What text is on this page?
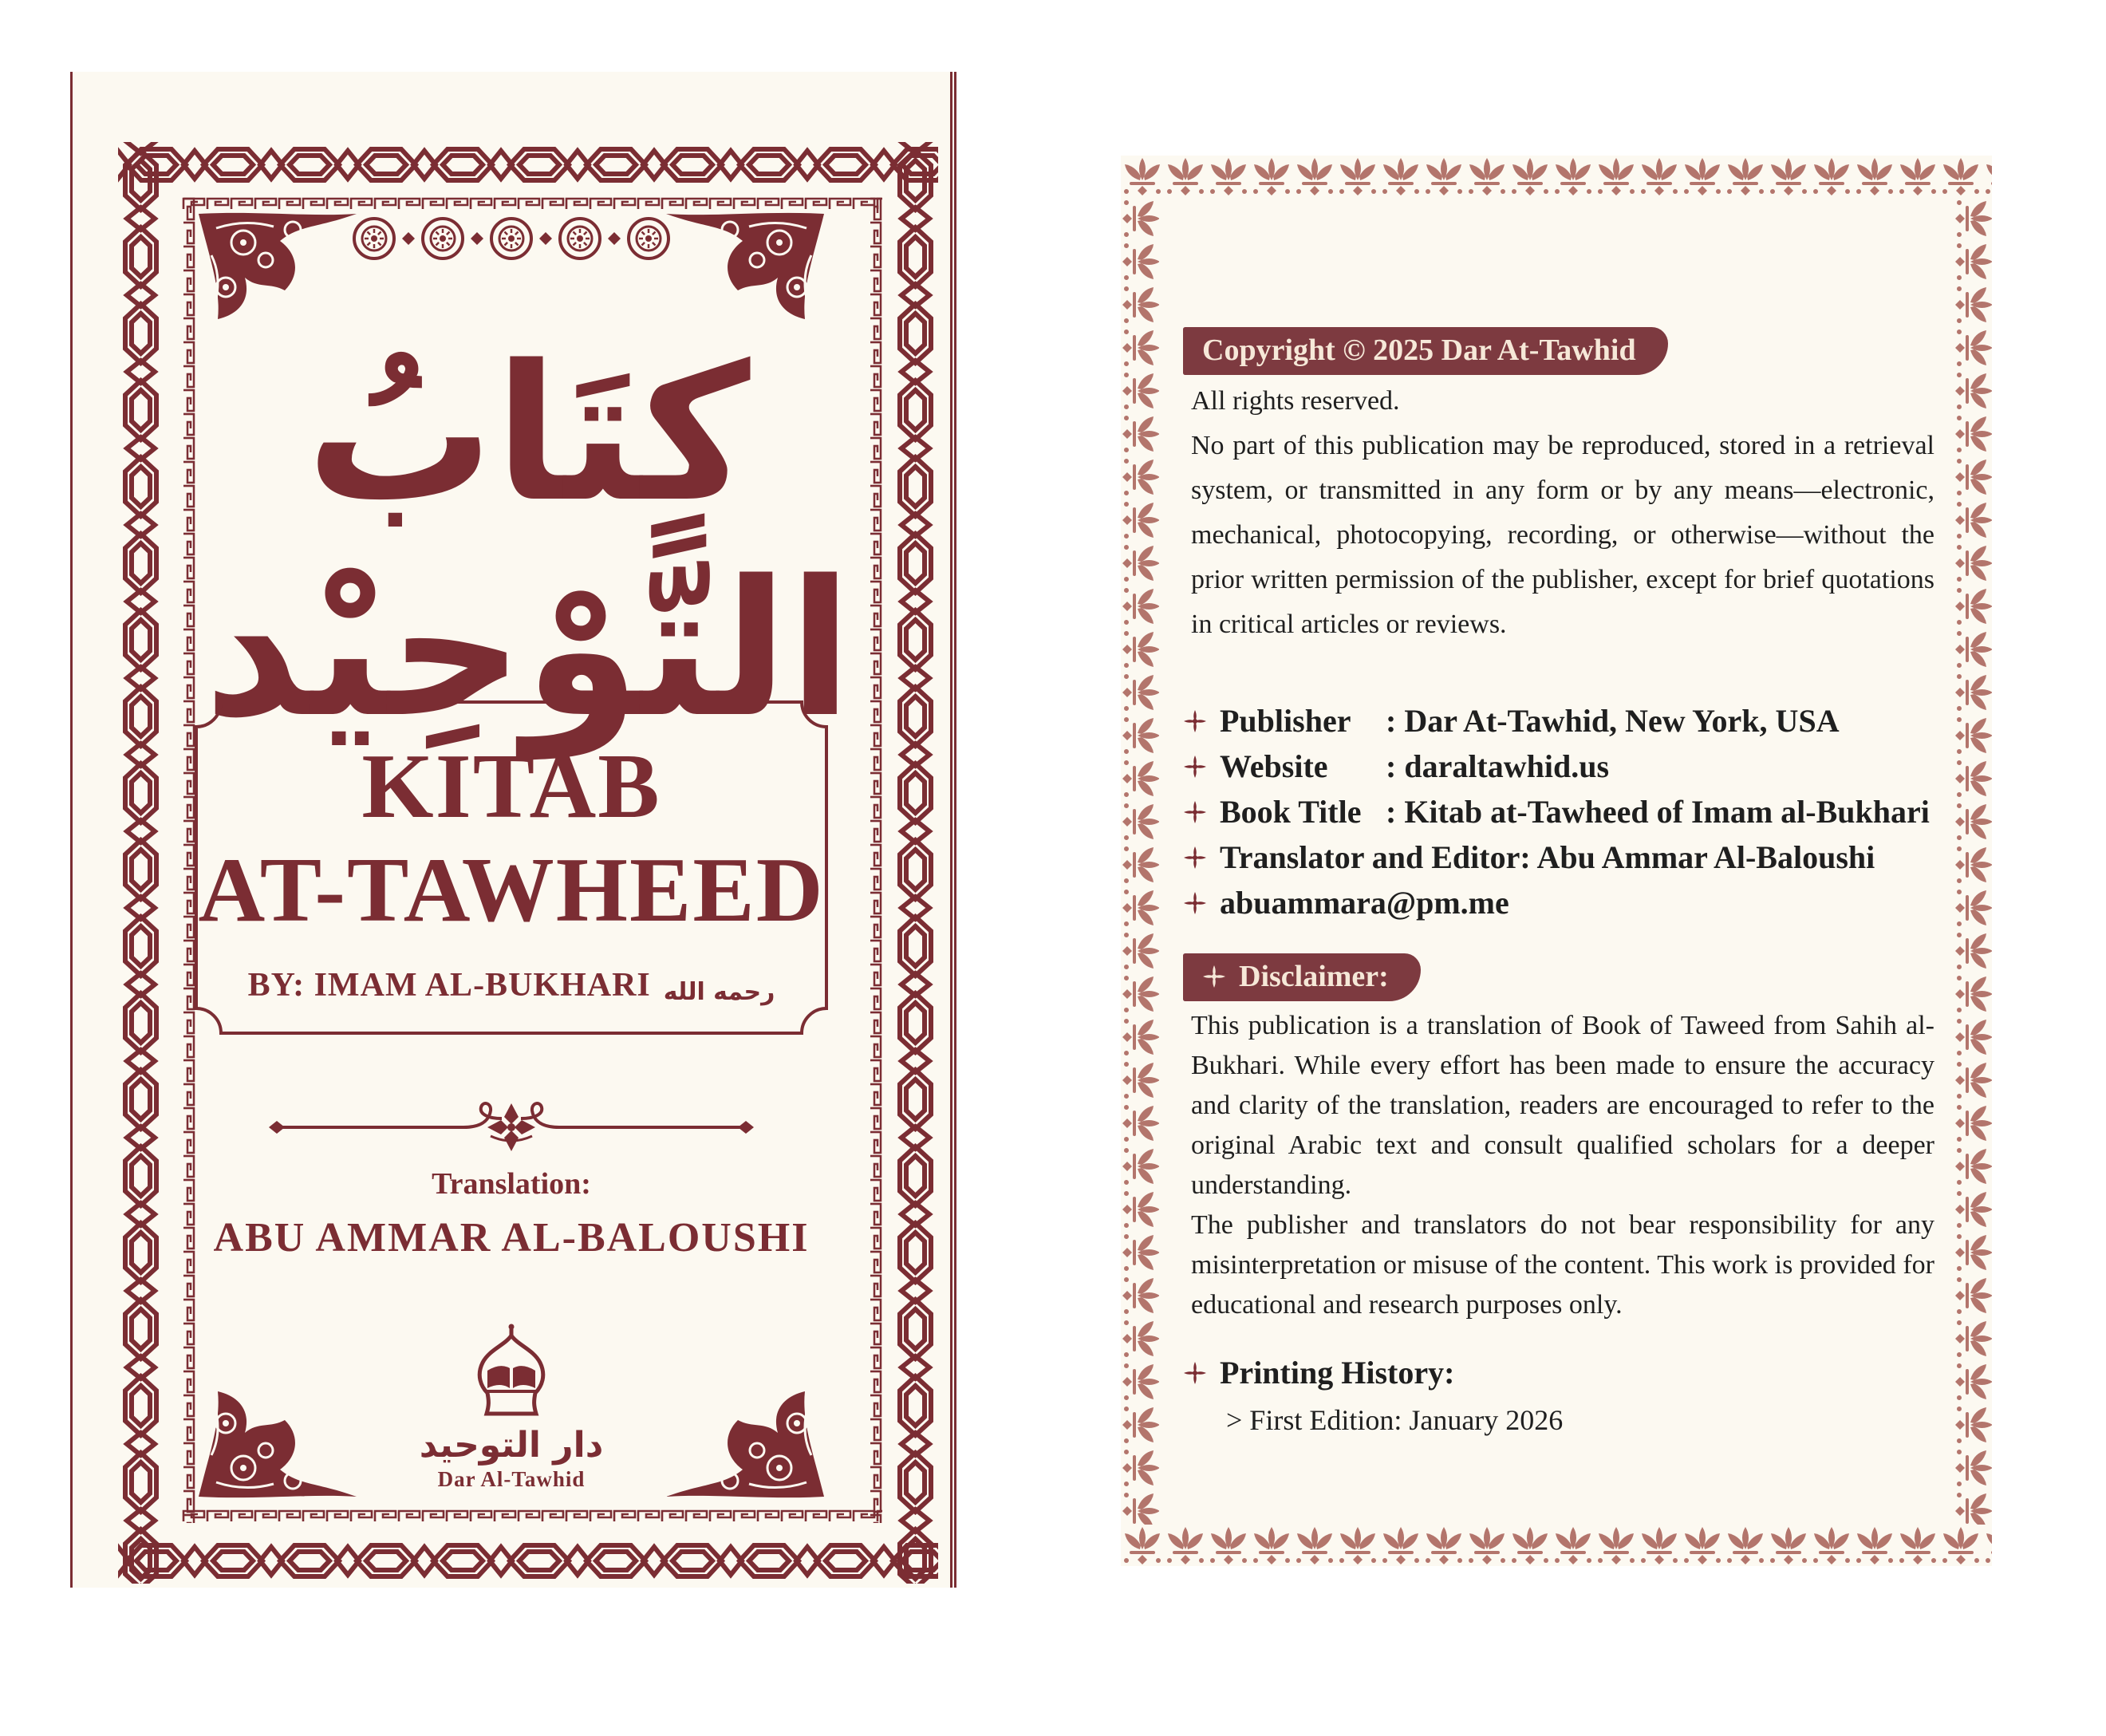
كِتَابُ التَّوْحِيْد
KITAB
AT-TAWHEED
BY: IMAM AL-BUKHARI رحمه الله
Translation:
ABU AMMAR AL-BALOUSHI
دار التوحيد
Dar Al-Tawhid
Copyright © 2025 Dar At-Tawhid
All rights reserved.
No part of this publication may be reproduced, stored in a retrieval system, or transmitted in any form or by any means—electronic, mechanical, photocopying, recording, or otherwise—without the prior written permission of the publisher, except for brief quotations in critical articles or reviews.
Publisher	: Dar At-Tawhid, New York, USA
Website	: daraltawhid.us
Book Title : Kitab at-Tawheed of Imam al-Bukhari
Translator and Editor: Abu Ammar Al-Baloushi
abuammara@pm.me
Disclaimer:

This publication is a translation of Book of Taweed from Sahih al-Bukhari. While every effort has been made to ensure the accuracy and clarity of the translation, readers are encouraged to refer to the original Arabic text and consult qualified scholars for a deeper understanding.

The publisher and translators do not bear responsibility for any misinterpretation or misuse of the content. This work is provided for educational and research purposes only.

Printing History:
> First Edition: January 2026
